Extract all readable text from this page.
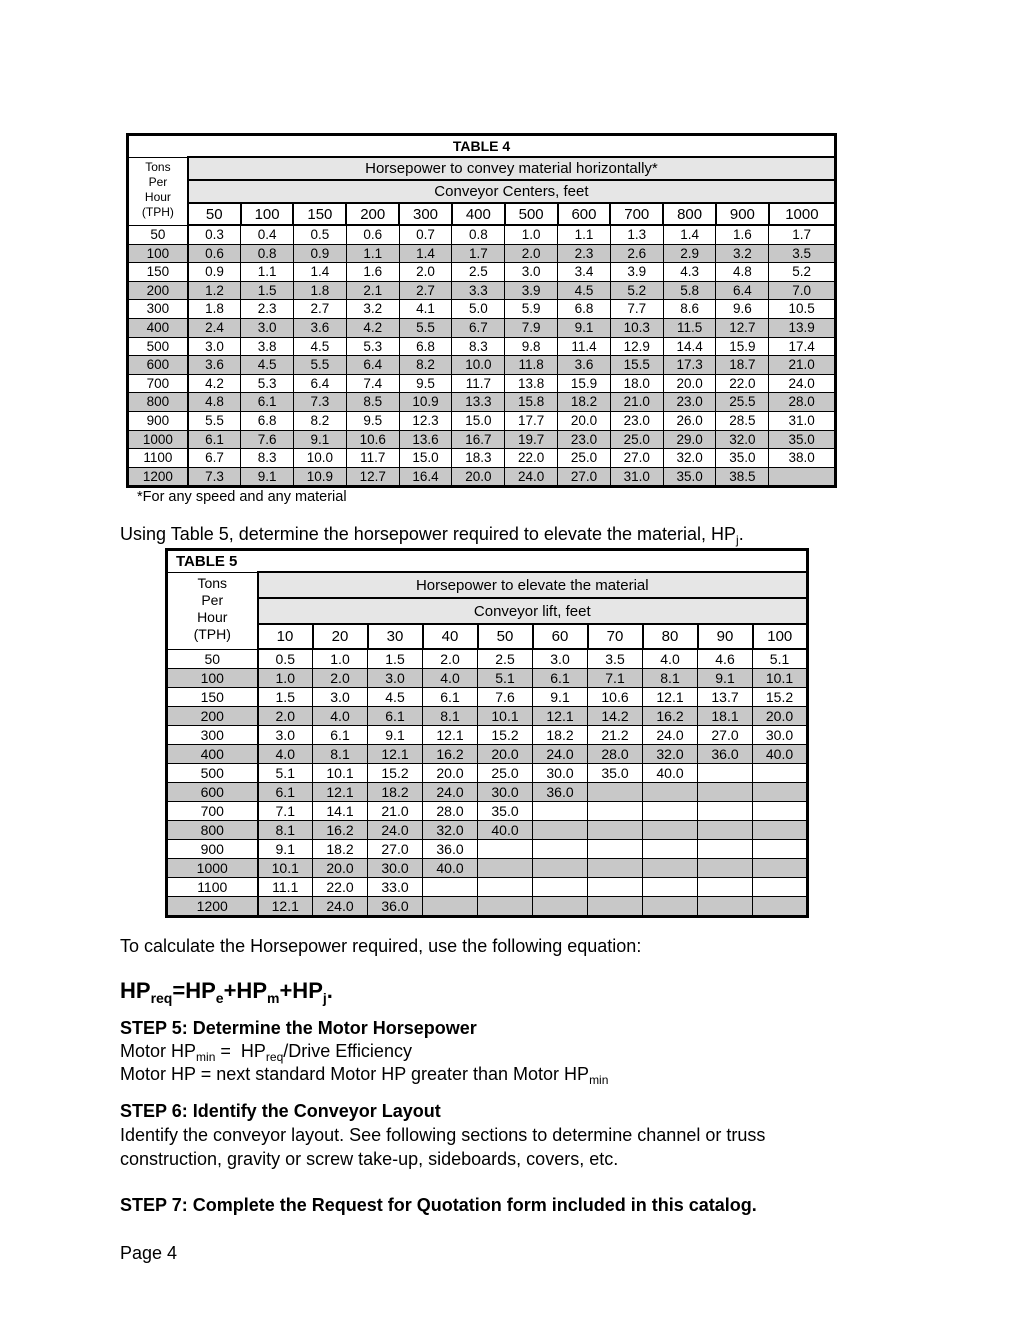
TABLE 4												

Tons
Per
Hour
(TPH)	Horsepower to convey material horizontally*											
	Conveyor Centers, feet											
	50	100	150	200	300	400	500	600	700	800	900	1000
50	0.3	0.4	0.5	0.6	0.7	0.8	1.0	1.1	1.3	1.4	1.6	1.7
100	0.6	0.8	0.9	1.1	1.4	1.7	2.0	2.3	2.6	2.9	3.2	3.5
150	0.9	1.1	1.4	1.6	2.0	2.5	3.0	3.4	3.9	4.3	4.8	5.2
200	1.2	1.5	1.8	2.1	2.7	3.3	3.9	4.5	5.2	5.8	6.4	7.0
300	1.8	2.3	2.7	3.2	4.1	5.0	5.9	6.8	7.7	8.6	9.6	10.5
400	2.4	3.0	3.6	4.2	5.5	6.7	7.9	9.1	10.3	11.5	12.7	13.9
500	3.0	3.8	4.5	5.3	6.8	8.3	9.8	11.4	12.9	14.4	15.9	17.4
600	3.6	4.5	5.5	6.4	8.2	10.0	11.8	3.6	15.5	17.3	18.7	21.0
700	4.2	5.3	6.4	7.4	9.5	11.7	13.8	15.9	18.0	20.0	22.0	24.0
800	4.8	6.1	7.3	8.5	10.9	13.3	15.8	18.2	21.0	23.0	25.5	28.0
900	5.5	6.8	8.2	9.5	12.3	15.0	17.7	20.0	23.0	26.0	28.5	31.0
1000	6.1	7.6	9.1	10.6	13.6	16.7	19.7	23.0	25.0	29.0	32.0	35.0
1100	6.7	8.3	10.0	11.7	15.0	18.3	22.0	25.0	27.0	32.0	35.0	38.0
1200	7.3	9.1	10.9	12.7	16.4	20.0	24.0	27.0	31.0	35.0	38.5	
*For any speed and any material
Using Table 5, determine the horsepower required to elevate the material, $HP_j$.
TABLE 5										

Tons
Per
Hour
(TPH)	Horsepower to elevate the material									
	Conveyor lift, feet									
	10	20	30	40	50	60	70	80	90	100
50	0.5	1.0	1.5	2.0	2.5	3.0	3.5	4.0	4.6	5.1
100	1.0	2.0	3.0	4.0	5.1	6.1	7.1	8.1	9.1	10.1
150	1.5	3.0	4.5	6.1	7.6	9.1	10.6	12.1	13.7	15.2
200	2.0	4.0	6.1	8.1	10.1	12.1	14.2	16.2	18.1	20.0
300	3.0	6.1	9.1	12.1	15.2	18.2	21.2	24.0	27.0	30.0
400	4.0	8.1	12.1	16.2	20.0	24.0	28.0	32.0	36.0	40.0
500	5.1	10.1	15.2	20.0	25.0	30.0	35.0	40.0		
600	6.1	12.1	18.2	24.0	30.0	36.0				
700	7.1	14.1	21.0	28.0	35.0					
800	8.1	16.2	24.0	32.0	40.0					
900	9.1	18.2	27.0	36.0						
1000	10.1	20.0	30.0	40.0						
1100	11.1	22.0	33.0							
1200	12.1	24.0	36.0							
To calculate the Horsepower required, use the following equation:
$HP_{req}=HP_e+HP_m+HP_j$.
STEP 5: Determine the Motor Horsepower
Motor $HP_{min}$ =  $HP_{req}$/Drive Efficiency
Motor HP = next standard Motor HP greater than Motor $HP_{min}$
STEP 6: Identify the Conveyor Layout
Identify the conveyor layout. See following sections to determine channel or truss
construction, gravity or screw take-up, sideboards, covers, etc.
STEP 7: Complete the Request for Quotation form included in this catalog.
Page 4
